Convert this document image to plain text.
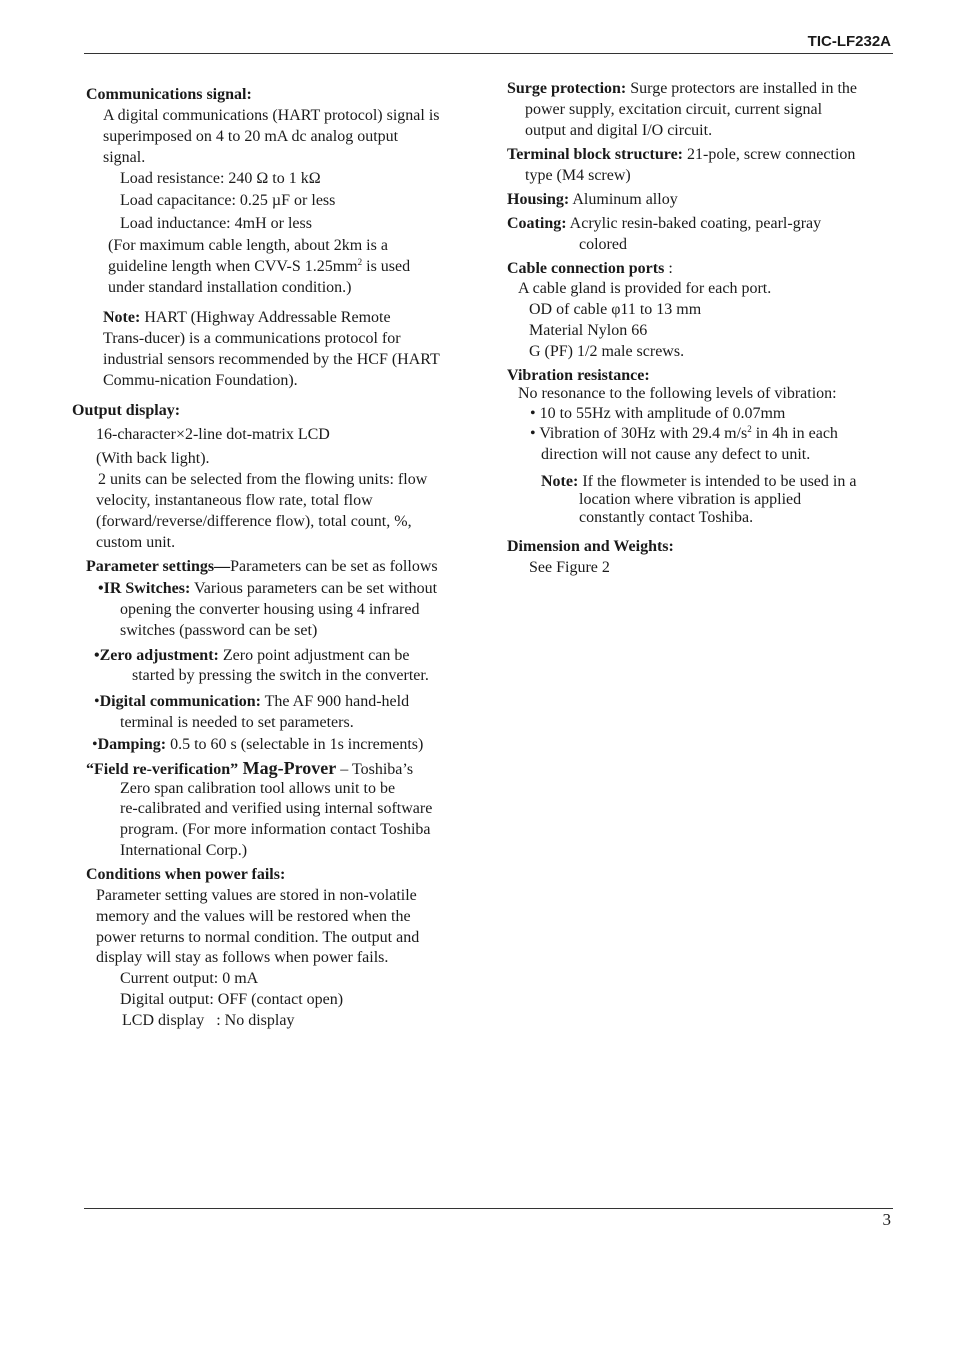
TIC-LF232A
Communications signal:
A digital communications (HART protocol) signal is
superimposed on 4 to 20 mA dc analog output
signal.
Load resistance: 240 Ω to 1 kΩ
Load capacitance: 0.25 µF or less
Load inductance: 4mH or less
(For maximum cable length, about 2km is a
guideline length when CVV-S $1.25mm^2$ is used
under standard installation condition.)
Note: HART (Highway Addressable Remote
Trans-ducer) is a communications protocol for
industrial sensors recommended by the HCF (HART
Commu-nication Foundation).
Output display:
16-character×2-line dot-matrix LCD
(With back light).
2 units can be selected from the flowing units: flow
velocity, instantaneous flow rate, total flow
(forward/reverse/difference flow), total count, %,
custom unit.
Parameter settings—Parameters can be set as follows
•IR Switches: Various parameters can be set without
opening the converter housing using 4 infrared
switches (password can be set)
•Zero adjustment: Zero point adjustment can be
started by pressing the switch in the converter.
•Digital communication: The AF 900 hand-held
terminal is needed to set parameters.
•Damping: 0.5 to 60 s (selectable in 1s increments)
“Field re-verification” Mag-Prover – Toshiba’s
Zero span calibration tool allows unit to be
re-calibrated and verified using internal software
program. (For more information contact Toshiba
International Corp.)
Conditions when power fails:
Parameter setting values are stored in non-volatile
memory and the values will be restored when the
power returns to normal condition. The output and
display will stay as follows when power fails.
Current output: 0 mA
Digital output: OFF (contact open)
LCD display   : No display
Surge protection: Surge protectors are installed in the
power supply, excitation circuit, current signal
output and digital I/O circuit.
Terminal block structure: 21-pole, screw connection
type (M4 screw)
Housing: Aluminum alloy
Coating: Acrylic resin-baked coating, pearl-gray
colored
Cable connection ports :
A cable gland is provided for each port.
OD of cable φ11 to 13 mm
Material Nylon 66
G (PF) 1/2 male screws.
Vibration resistance:
No resonance to the following levels of vibration:
• 10 to 55Hz with amplitude of 0.07mm
• Vibration of 30Hz with 29.4 $m/s^2$ in 4h in each
direction will not cause any defect to unit.
Note: If the flowmeter is intended to be used in a
location where vibration is applied
constantly contact Toshiba.
Dimension and Weights:
See Figure 2
3
